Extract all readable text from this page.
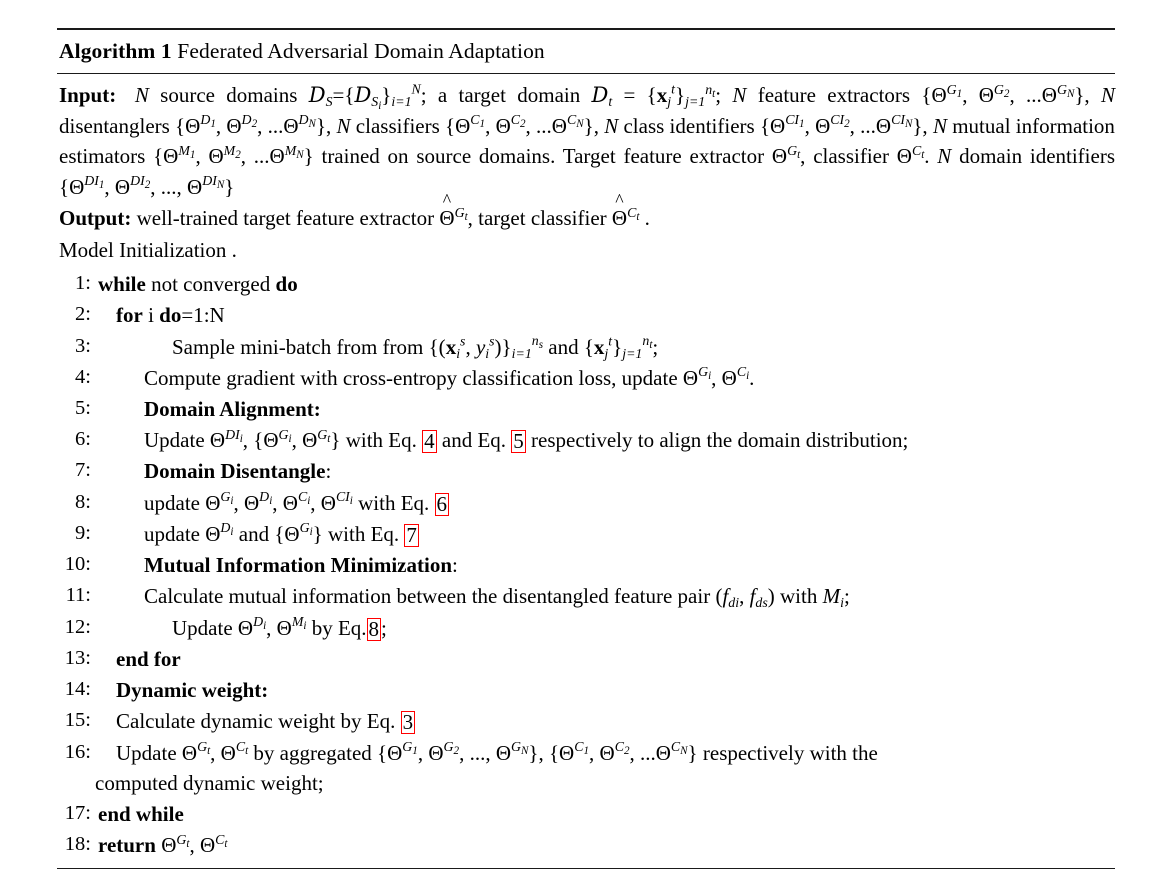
Algorithm 1 Federated Adversarial Domain Adaptation
Input: N source domains $D_S=\{D_{S_i}\}_{i=1}^N$; a target domain $D_t = \{x_j^t\}_{j=1}^{n_t}$; N feature extractors {$\Theta^{G_1}$, $\Theta^{G_2}$, $...\Theta^{G_N}$}, N disentanglers {$\Theta^{D_1}$, $\Theta^{D_2}$, $...\Theta^{D_N}$}, N classifiers {$\Theta^{C_1}$, $\Theta^{C_2}$, $...\Theta^{C_N}$}, N class identifiers {$\Theta^{CI_1}$, $\Theta^{CI_2}$, $...\Theta^{CI_N}$}, N mutual information estimators {$\Theta^{M_1}$, $\Theta^{M_2}$, $...\Theta^{M_N}$} trained on source domains. Target feature extractor $\Theta^{G_t}$, classifier $\Theta^{C_t}$. N domain identifiers {$\Theta^{DI_1}$, $\Theta^{DI_2}$, ..., $\Theta^{DI_N}$}
Output: well-trained target feature extractor Θ
^
$^{G_t}$, target classifier Θ
^
$^{C_t}$ .
Model Initialization .
1: while not converged do
2:	for i do=1:N
3:	Sample mini-batch from from {($x_i^s$, $y_i^s)\}_{i=1}^{n_s}$ and $\{x_j^t\}_{j=1}^{n_t}$;
4:	Compute gradient with cross-entropy classification loss, update $\Theta^{G_i}$, $\Theta^{C_i}$.
5:	Domain Alignment:
6:	Update $\Theta^{DI_i}$, {$\Theta^{G_i}$, $\Theta^{G_t}$} with Eq. 4 and Eq. 5 respectively to align the domain distribution;
7:	Domain Disentangle:
8:	update $\Theta^{G_i}$, $\Theta^{D_i}$, $\Theta^{C_i}$, $\Theta^{CI_i}$ with Eq. 6
9:	update $\Theta^{D_i}$ and $\{\Theta^{G_i}\}$ with Eq. 7
10:	Mutual Information Minimization:
11:	Calculate mutual information between the disentangled feature pair ($f_{di}$, $f_{ds}$) with $M_i$;
12:	Update $\Theta^{D_i}$, $\Theta^{M_i}$ by Eq.8;
13:	end for
14:	Dynamic weight:
15:	Calculate dynamic weight by Eq. 3
16:	Update $\Theta^{G_t}$, $\Theta^{C_t}$ by aggregated {$\Theta^{G_1}$, $\Theta^{G_2}$, ..., $\Theta^{G_N}$}, {$\Theta^{C_1}$, $\Theta^{C_2}$, $...\Theta^{C_N}$} respectively with the
computed dynamic weight;
17: end while
18: return $\Theta^{G_t}$, $\Theta^{C_t}$
